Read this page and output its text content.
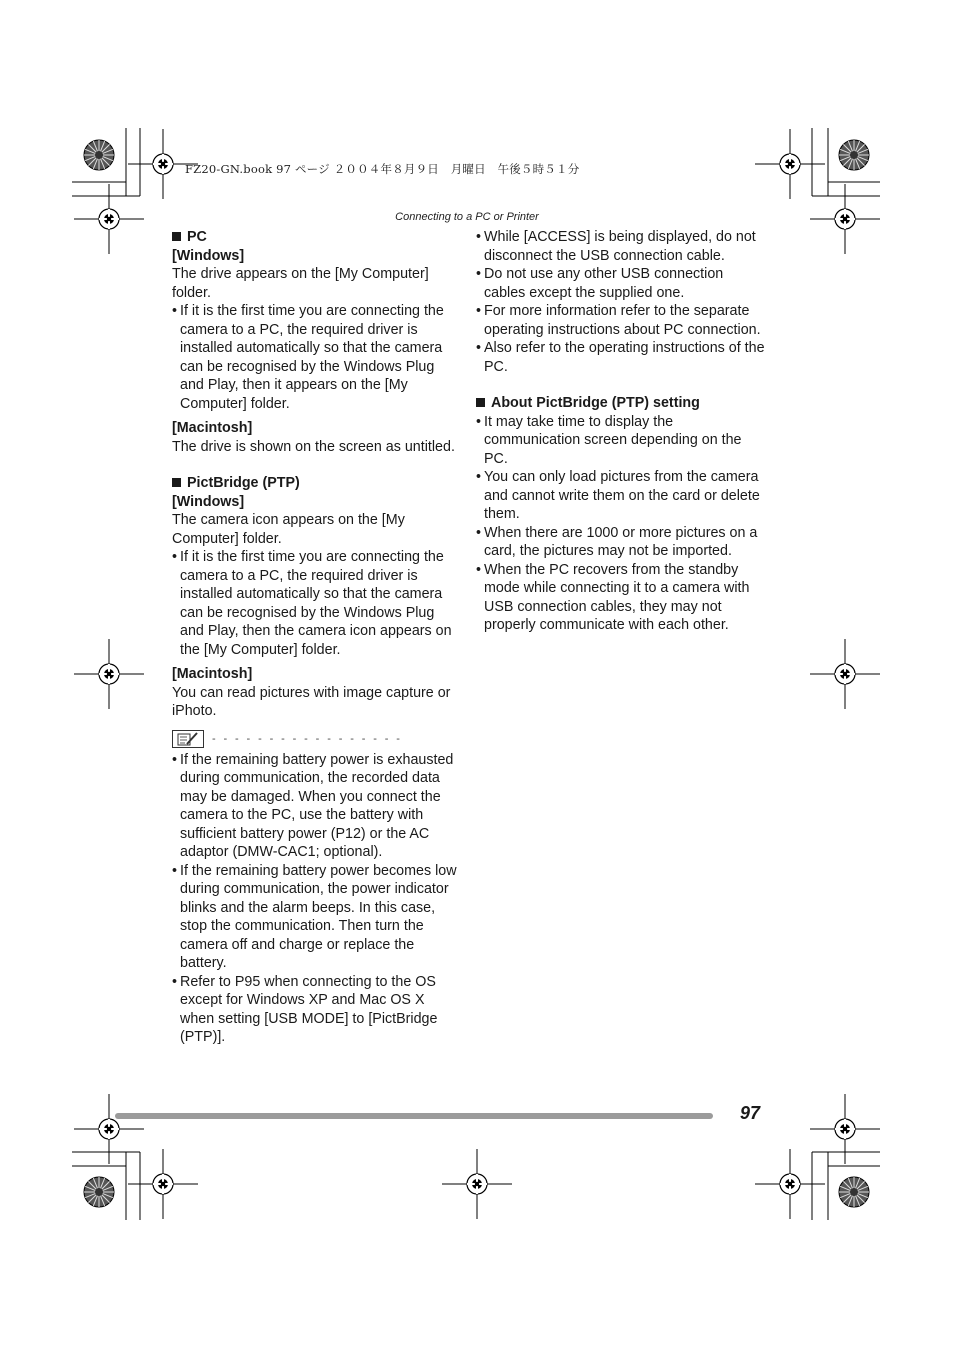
FZ20-GN.book 97 ページ ２００４年８月９日　月曜日　午後５時５１分
Connecting to a PC or Printer

PC

[Windows]

The drive appears on the [My Computer] folder.

• If it is the first time you are connecting the camera to a PC, the required driver is installed automatically so that the camera can be recognised by the Windows Plug and Play, then it appears on the [My Computer] folder.

[Macintosh]

The drive is shown on the screen as untitled.

PictBridge (PTP)

[Windows]

The camera icon appears on the [My Computer] folder.

• If it is the first time you are connecting the camera to a PC, the required driver is installed automatically so that the camera can be recognised by the Windows Plug and Play, then the camera icon appears on the [My Computer] folder.

[Macintosh]

You can read pictures with image capture or iPhoto.

- - - - - - - - - - - - - - - - -
• If the remaining battery power is exhausted during communication, the recorded data may be damaged. When you connect the camera to the PC, use the battery with sufficient battery power (P12) or the AC adaptor (DMW-CAC1; optional).
• If the remaining battery power becomes low during communication, the power indicator blinks and the alarm beeps. In this case, stop the communication. Then turn the camera off and charge or replace the battery.
• Refer to P95 when connecting to the OS except for Windows XP and Mac OS X when setting [USB MODE] to [PictBridge (PTP)].
• While [ACCESS] is being displayed, do not disconnect the USB connection cable.
• Do not use any other USB connection cables except the supplied one.
• For more information refer to the separate operating instructions about PC connection.
• Also refer to the operating instructions of the PC.

About PictBridge (PTP) setting

• It may take time to display the communication screen depending on the PC.
• You can only load pictures from the camera and cannot write them on the card or delete them.
• When there are 1000 or more pictures on a card, the pictures may not be imported.
• When the PC recovers from the standby mode while connecting it to a camera with USB connection cables, they may not properly communicate with each other.
97
